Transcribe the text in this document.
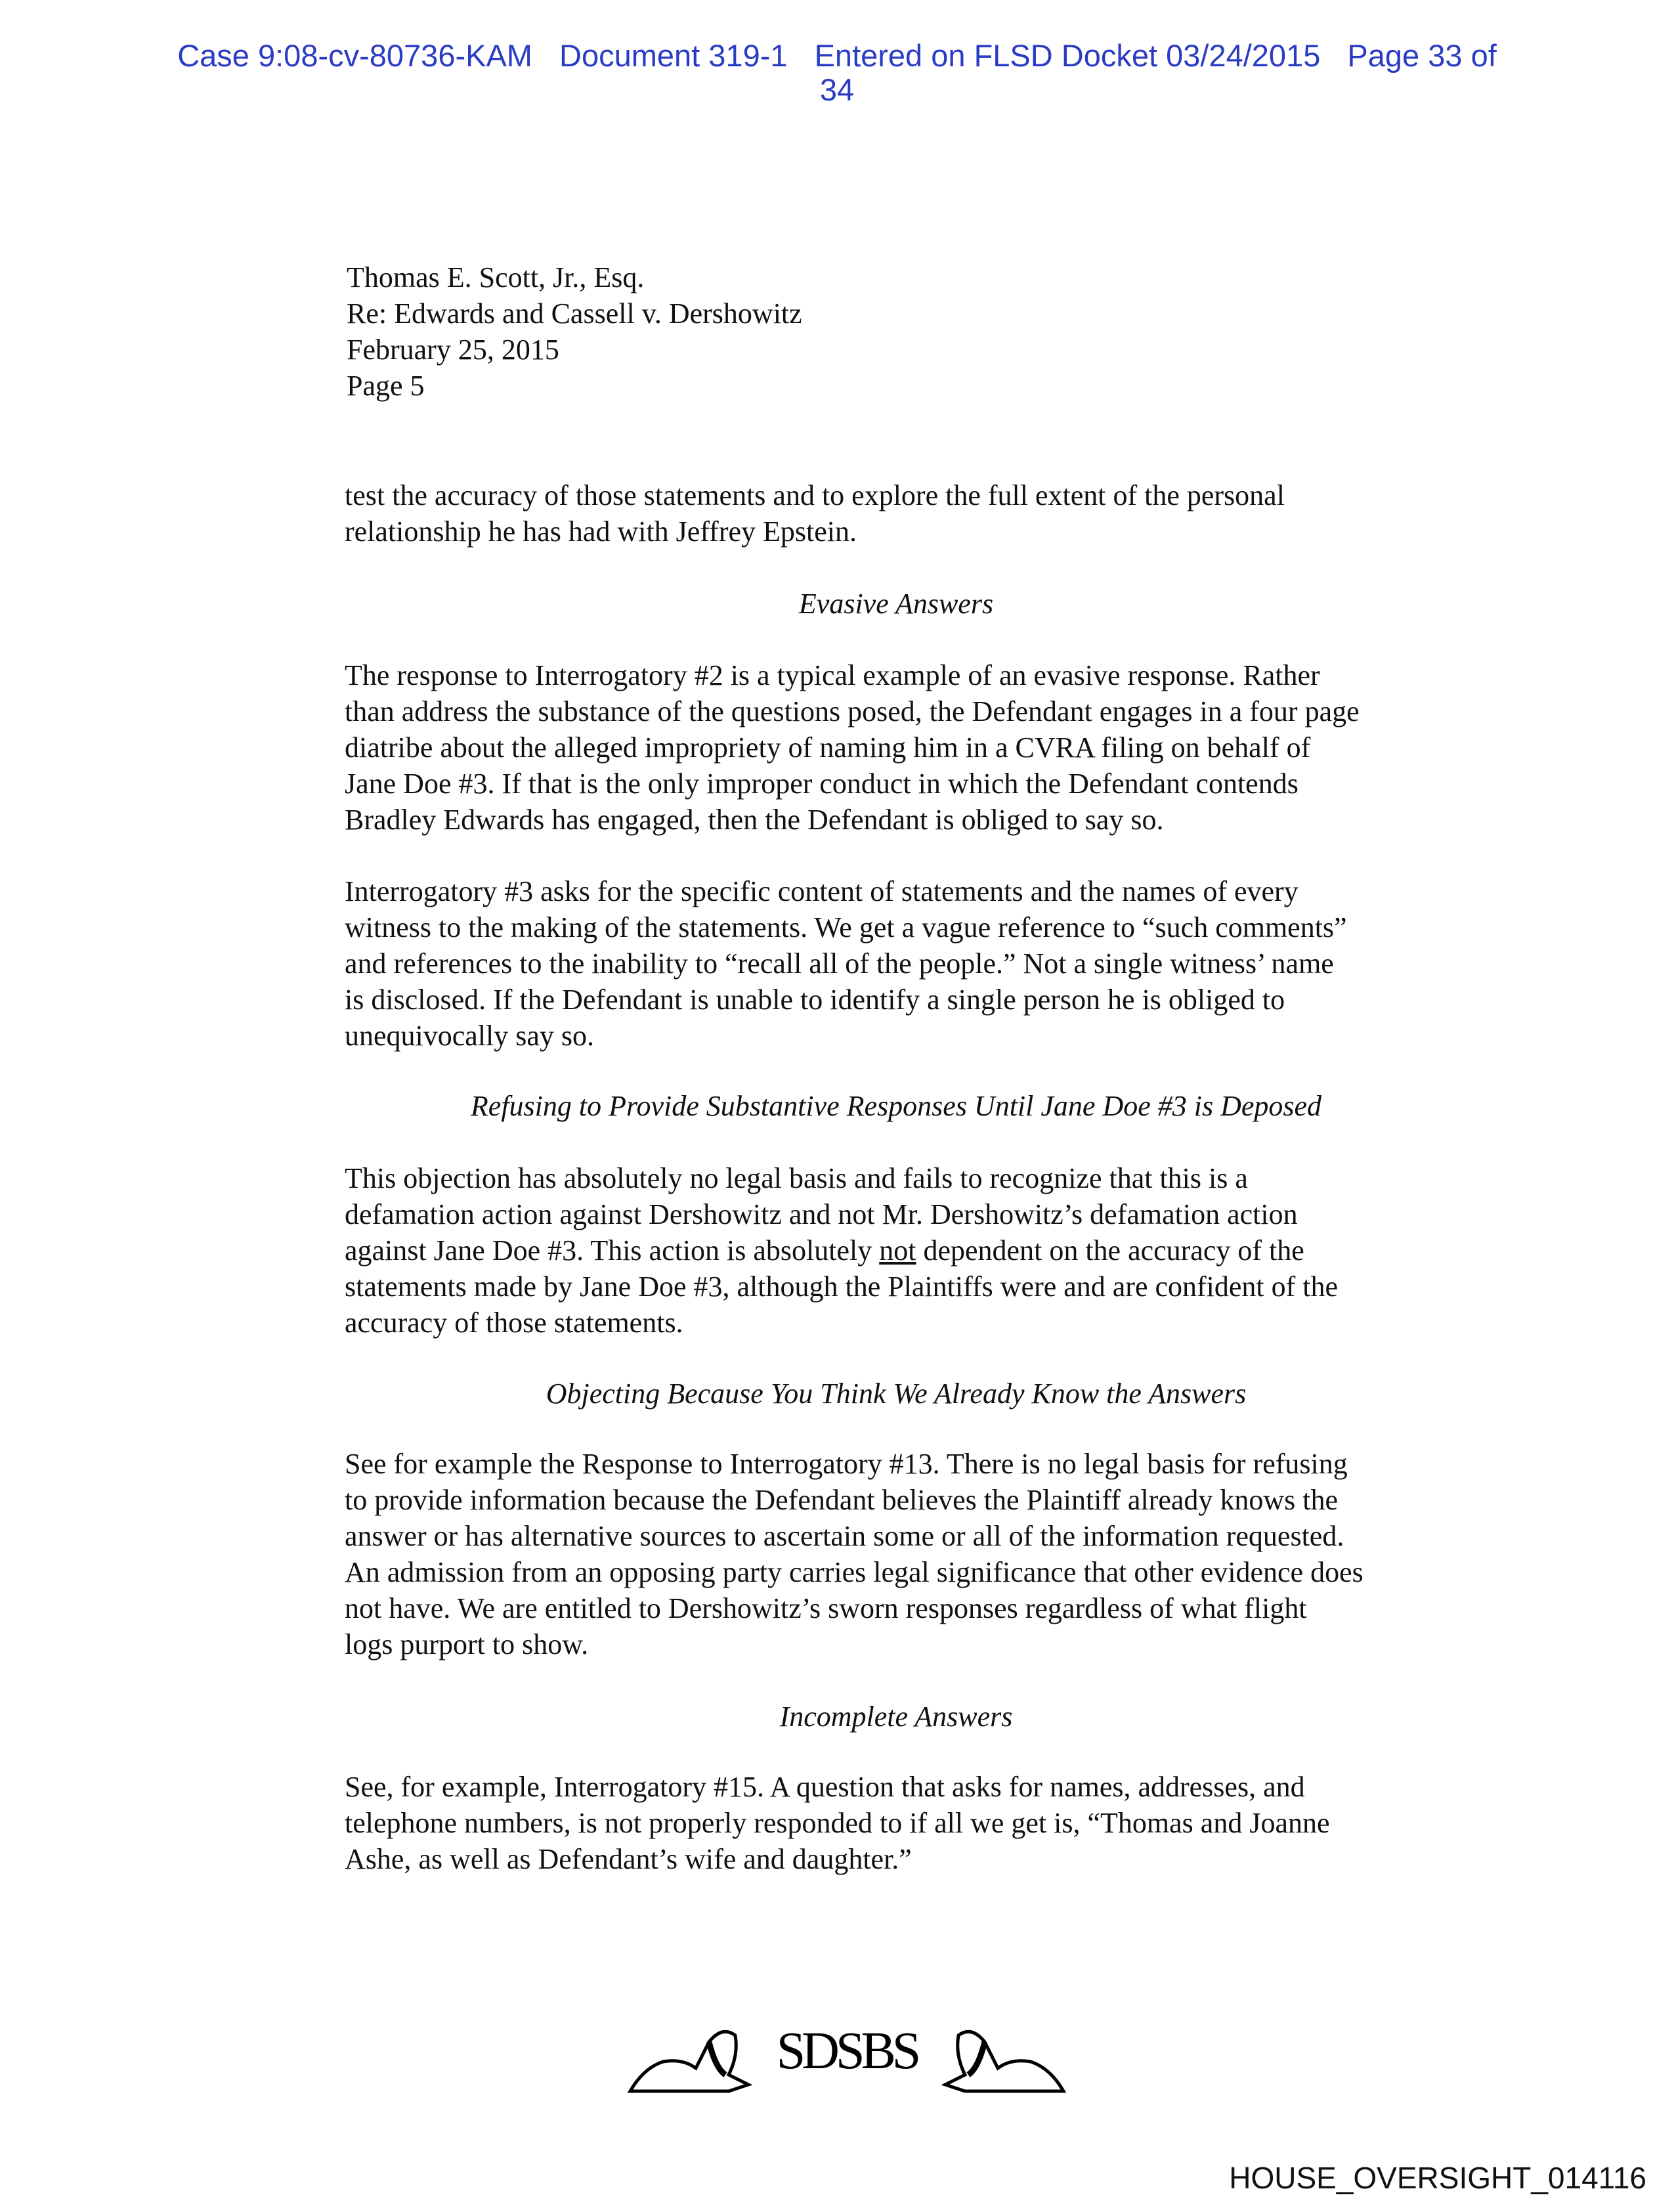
Case 9:08-cv-80736-KAM Document 319-1 Entered on FLSD Docket 03/24/2015 Page 33 of
34
Thomas E. Scott, Jr., Esq.
Re: Edwards and Cassell v. Dershowitz
February 25, 2015
Page 5
test the accuracy of those statements and to explore the full extent of the personal
relationship he has had with Jeffrey Epstein.
Evasive Answers
The response to Interrogatory #2 is a typical example of an evasive response. Rather
than address the substance of the questions posed, the Defendant engages in a four page
diatribe about the alleged impropriety of naming him in a CVRA filing on behalf of
Jane Doe #3. If that is the only improper conduct in which the Defendant contends
Bradley Edwards has engaged, then the Defendant is obliged to say so.
Interrogatory #3 asks for the specific content of statements and the names of every
witness to the making of the statements. We get a vague reference to “such comments”
and references to the inability to “recall all of the people.” Not a single witness’ name
is disclosed. If the Defendant is unable to identify a single person he is obliged to
unequivocally say so.
Refusing to Provide Substantive Responses Until Jane Doe #3 is Deposed
This objection has absolutely no legal basis and fails to recognize that this is a
defamation action against Dershowitz and not Mr. Dershowitz’s defamation action
against Jane Doe #3. This action is absolutely not dependent on the accuracy of the
statements made by Jane Doe #3, although the Plaintiffs were and are confident of the
accuracy of those statements.
Objecting Because You Think We Already Know the Answers
See for example the Response to Interrogatory #13. There is no legal basis for refusing
to provide information because the Defendant believes the Plaintiff already knows the
answer or has alternative sources to ascertain some or all of the information requested.
An admission from an opposing party carries legal significance that other evidence does
not have. We are entitled to Dershowitz’s sworn responses regardless of what flight
logs purport to show.
Incomplete Answers
See, for example, Interrogatory #15. A question that asks for names, addresses, and
telephone numbers, is not properly responded to if all we get is, “Thomas and Joanne
Ashe, as well as Defendant’s wife and daughter.”
SDSBS
HOUSE_OVERSIGHT_014116
